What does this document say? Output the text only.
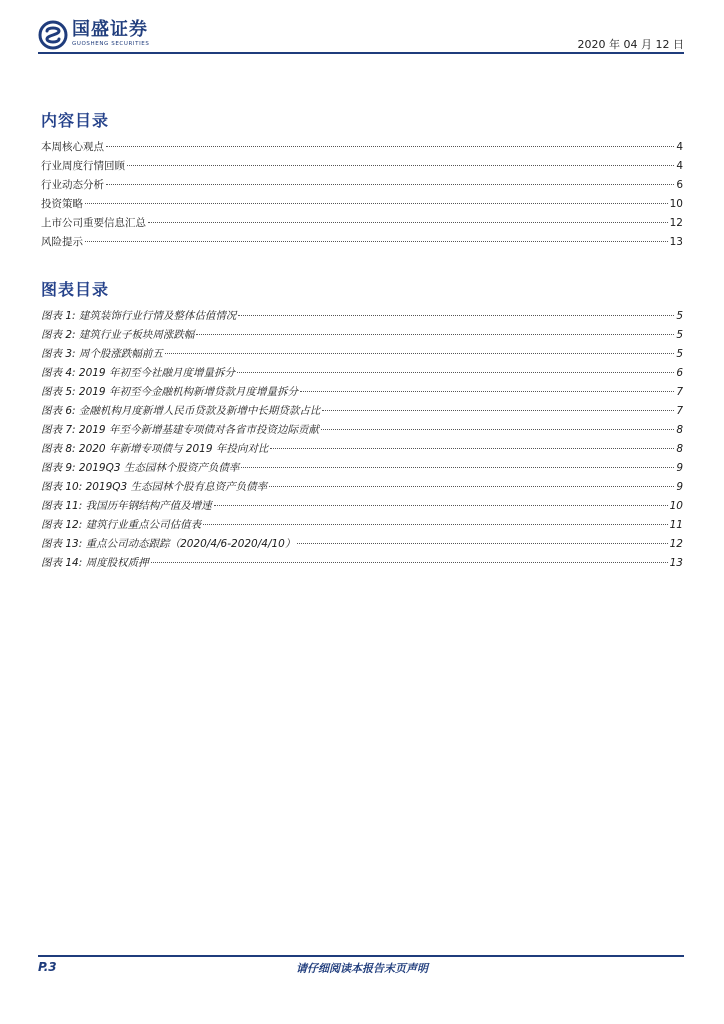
国盛证券
GUOSHENG SECURITIES	2020 年 04 月 12 日
内容目录
本周核心观点	4
行业周度行情回顾	4
行业动态分析	6
投资策略	10
上市公司重要信息汇总	12
风险提示	13
图表目录
图表 1: 建筑装饰行业行情及整体估值情况	5
图表 2: 建筑行业子板块周涨跌幅	5
图表 3: 周个股涨跌幅前五	5
图表 4: 2019 年初至今社融月度增量拆分	6
图表 5: 2019 年初至今金融机构新增贷款月度增量拆分	7
图表 6: 金融机构月度新增人民币贷款及新增中长期贷款占比	7
图表 7: 2019 年至今新增基建专项债对各省市投资边际贡献	8
图表 8: 2020 年新增专项债与 2019 年投向对比	8
图表 9: 2019Q3 生态园林个股资产负债率	9
图表 10: 2019Q3 生态园林个股有息资产负债率	9
图表 11: 我国历年钢结构产值及增速	10
图表 12: 建筑行业重点公司估值表	11
图表 13: 重点公司动态跟踪（2020/4/6-2020/4/10）	12
图表 14: 周度股权质押	13
请仔细阅读本报告末页声明
P.3
